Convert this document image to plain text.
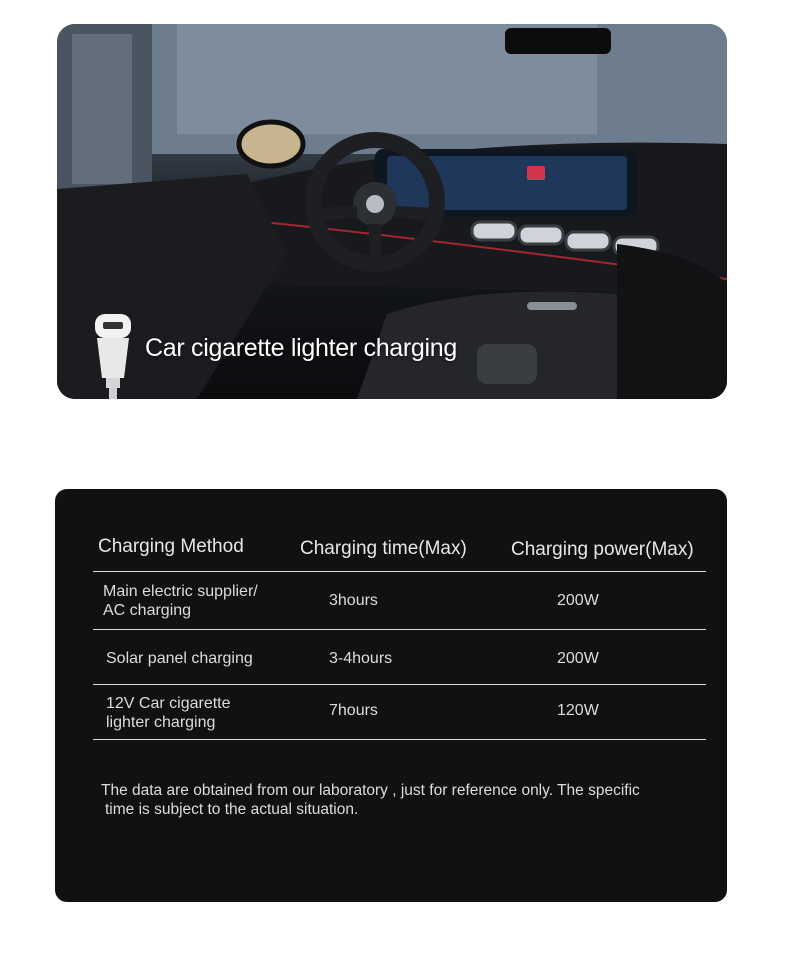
Car cigarette lighter charging
Charging Method	Charging time(Max) Charging power(Max)
Main electric supplier/
AC charging
3hours	200W
Solar panel charging	3-4hours	200W
12V Car cigarette
lighter charging
7hours	120W
The data are obtained from our laboratory , just for reference only. The specific
time is subject to the actual situation.
